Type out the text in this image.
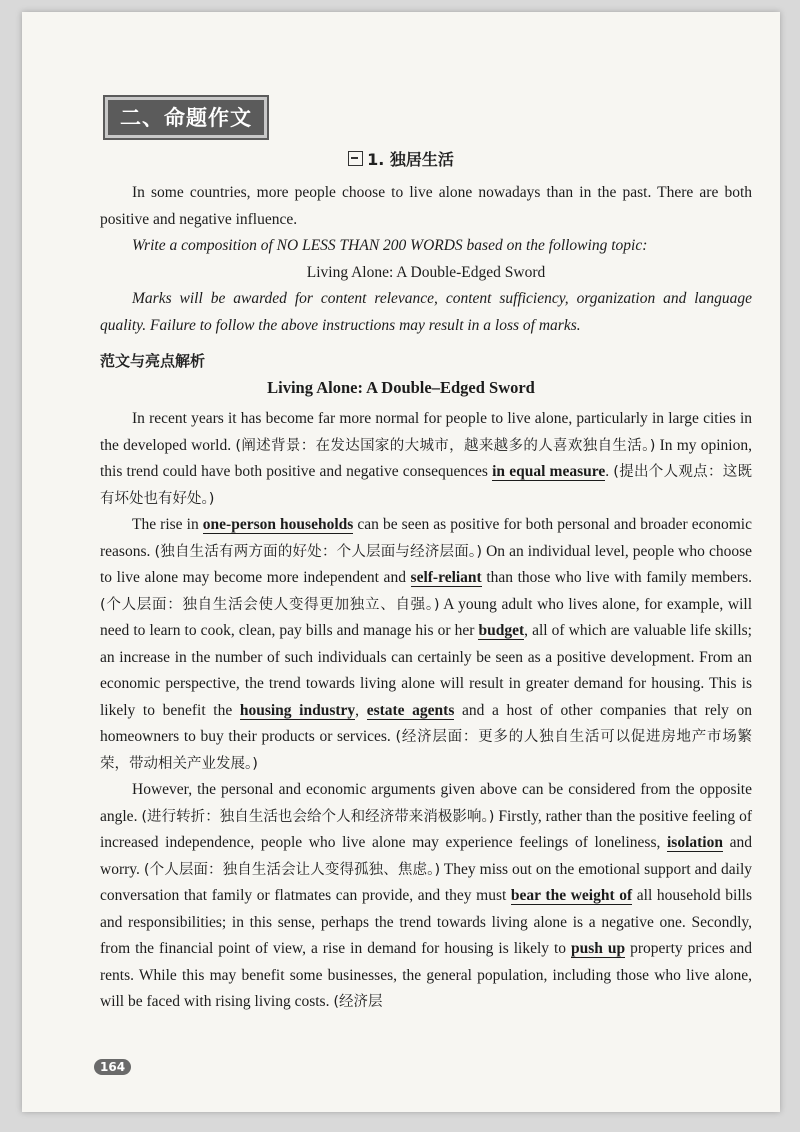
二、命题作文
1. 独居生活

In some countries, more people choose to live alone nowadays than in the past. There are both positive and negative influence.

Write a composition of NO LESS THAN 200 WORDS based on the following topic:

Living Alone: A Double-Edged Sword

Marks will be awarded for content relevance, content sufficiency, organization and language quality. Failure to follow the above instructions may result in a loss of marks.

范文与亮点解析
Living Alone: A Double–Edged Sword

In recent years it has become far more normal for people to live alone, particularly in large cities in the developed world. (阐述背景：在发达国家的大城市，越来越多的人喜欢独自生活。) In my opinion, this trend could have both positive and negative consequences in equal measure. (提出个人观点：这既有坏处也有好处。)

The rise in one-person households can be seen as positive for both personal and broader economic reasons. (独自生活有两方面的好处：个人层面与经济层面。) On an individual level, people who choose to live alone may become more independent and self-reliant than those who live with family members. (个人层面：独自生活会使人变得更加独立、自强。) A young adult who lives alone, for example, will need to learn to cook, clean, pay bills and manage his or her budget, all of which are valuable life skills; an increase in the number of such individuals can certainly be seen as a positive development. From an economic perspective, the trend towards living alone will result in greater demand for housing. This is likely to benefit the housing industry, estate agents and a host of other companies that rely on homeowners to buy their products or services. (经济层面：更多的人独自生活可以促进房地产市场繁荣，带动相关产业发展。)

However, the personal and economic arguments given above can be considered from the opposite angle. (进行转折：独自生活也会给个人和经济带来消极影响。) Firstly, rather than the positive feeling of increased independence, people who live alone may experience feelings of loneliness, isolation and worry. (个人层面：独自生活会让人变得孤独、焦虑。) They miss out on the emotional support and daily conversation that family or flatmates can provide, and they must bear the weight of all household bills and responsibilities; in this sense, perhaps the trend towards living alone is a negative one. Secondly, from the financial point of view, a rise in demand for housing is likely to push up property prices and rents. While this may benefit some businesses, the general population, including those who live alone, will be faced with rising living costs. (经济层

164
